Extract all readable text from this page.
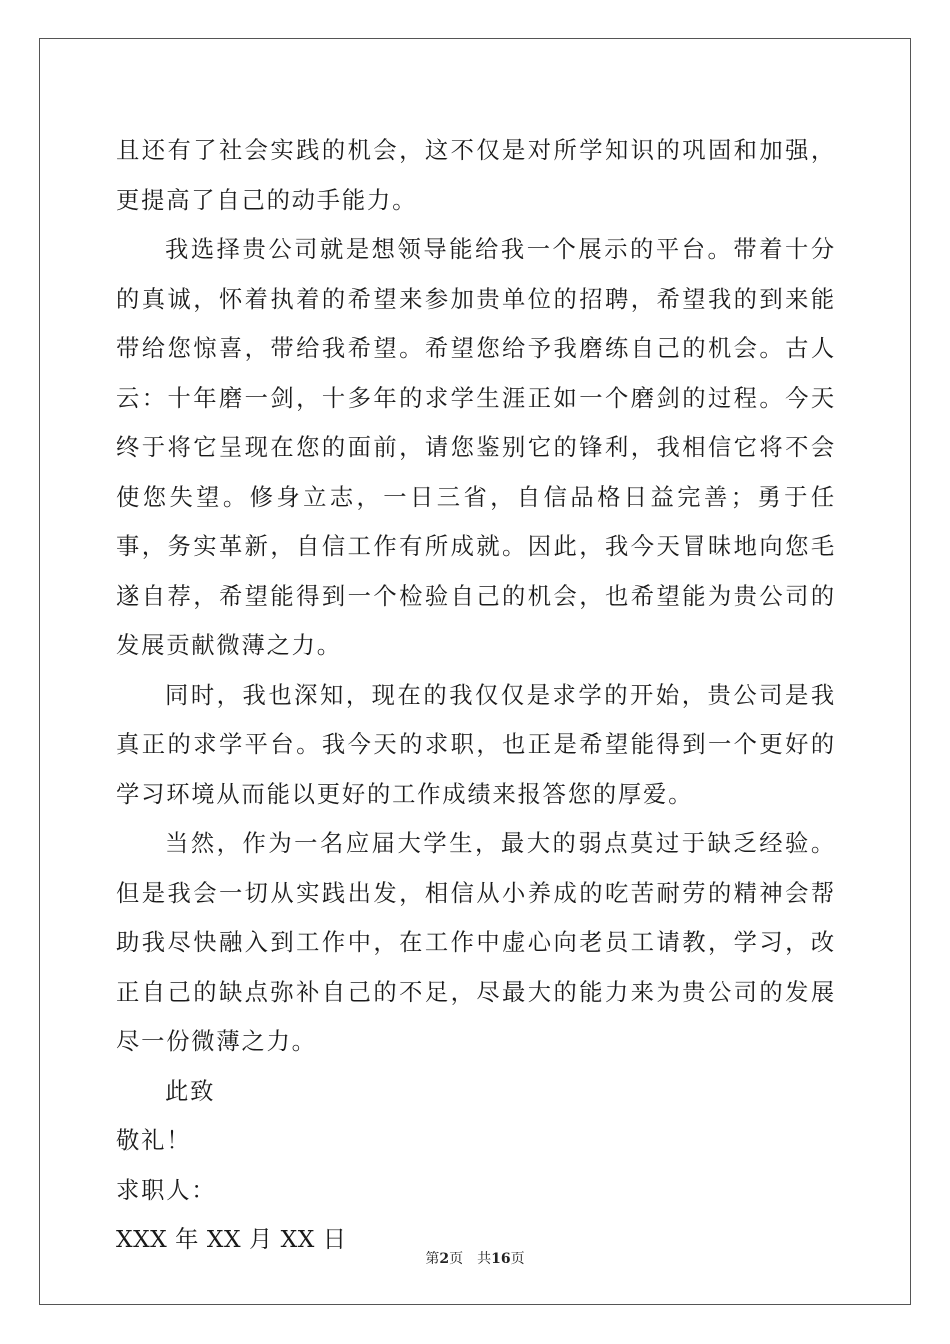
且还有了社会实践的机会，这不仅是对所学知识的巩固和加强，更提高了自己的动手能力。

我选择贵公司就是想领导能给我一个展示的平台。带着十分的真诚，怀着执着的希望来参加贵单位的招聘，希望我的到来能带给您惊喜，带给我希望。希望您给予我磨练自己的机会。古人云：十年磨一剑，十多年的求学生涯正如一个磨剑的过程。今天终于将它呈现在您的面前，请您鉴别它的锋利，我相信它将不会使您失望。修身立志，一日三省，自信品格日益完善；勇于任事，务实革新，自信工作有所成就。因此，我今天冒昧地向您毛遂自荐，希望能得到一个检验自己的机会，也希望能为贵公司的发展贡献微薄之力。

同时，我也深知，现在的我仅仅是求学的开始，贵公司是我真正的求学平台。我今天的求职，也正是希望能得到一个更好的学习环境从而能以更好的工作成绩来报答您的厚爱。

当然，作为一名应届大学生，最大的弱点莫过于缺乏经验。但是我会一切从实践出发，相信从小养成的吃苦耐劳的精神会帮助我尽快融入到工作中，在工作中虚心向老员工请教，学习，改正自己的缺点弥补自己的不足，尽最大的能力来为贵公司的发展尽一份微薄之力。

此致

敬礼！

求职人：

XXX 年 XX 月 XX 日

第2页 共16页
